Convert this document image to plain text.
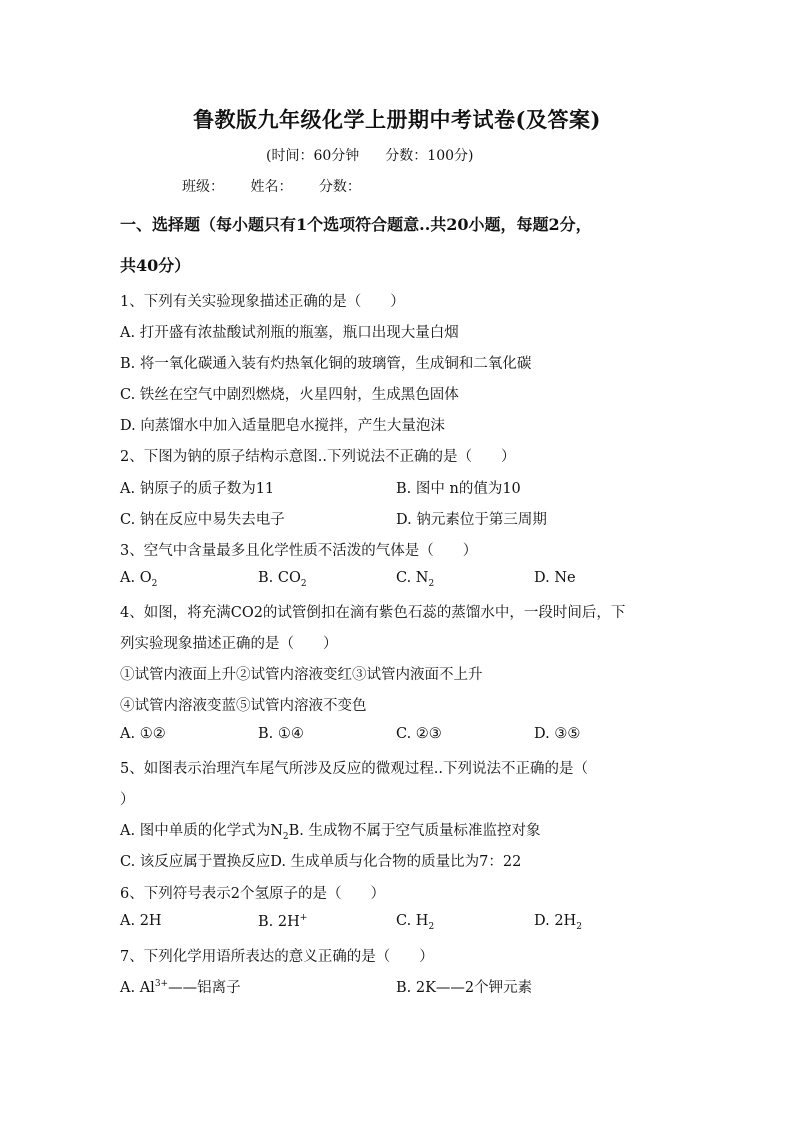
鲁教版九年级化学上册期中考试卷(及答案)
(时间：60分钟 分数：100分)
班级： 姓名： 分数：
一、选择题（每小题只有1个选项符合题意..共20小题，每题2分，
共40分）
1、下列有关实验现象描述正确的是（　　）
A. 打开盛有浓盐酸试剂瓶的瓶塞，瓶口出现大量白烟
B. 将一氧化碳通入装有灼热氧化铜的玻璃管，生成铜和二氧化碳
C. 铁丝在空气中剧烈燃烧，火星四射，生成黑色固体
D. 向蒸馏水中加入适量肥皂水搅拌，产生大量泡沫
2、下图为钠的原子结构示意图..下列说法不正确的是（　　）
A. 钠原子的质子数为11	B. 图中 n的值为10
C. 钠在反应中易失去电子	D. 钠元素位于第三周期
3、空气中含量最多且化学性质不活泼的气体是（　　）
A. $O_2$	B. $CO_2$	C. $N_2$	D. Ne
4、如图，将充满CO2的试管倒扣在滴有紫色石蕊的蒸馏水中，一段时间后，下
列实验现象描述正确的是（　　）
①试管内液面上升②试管内溶液变红③试管内液面不上升
④试管内溶液变蓝⑤试管内溶液不变色
A. ①②	B. ①④	C. ②③	D. ③⑤
5、如图表示治理汽车尾气所涉及反应的微观过程..下列说法不正确的是（
）
A. 图中单质的化学式为$N_2B$. 生成物不属于空气质量标准监控对象
C. 该反应属于置换反应D. 生成单质与化合物的质量比为7：22
6、下列符号表示2个氢原子的是（　　）
A. 2H	B. 2H+	C. $H_2$	D. $2H_2$
7、下列化学用语所表达的意义正确的是（　　）
A. $Al^{3+}——$铝离子	B. 2K——2个钾元素
